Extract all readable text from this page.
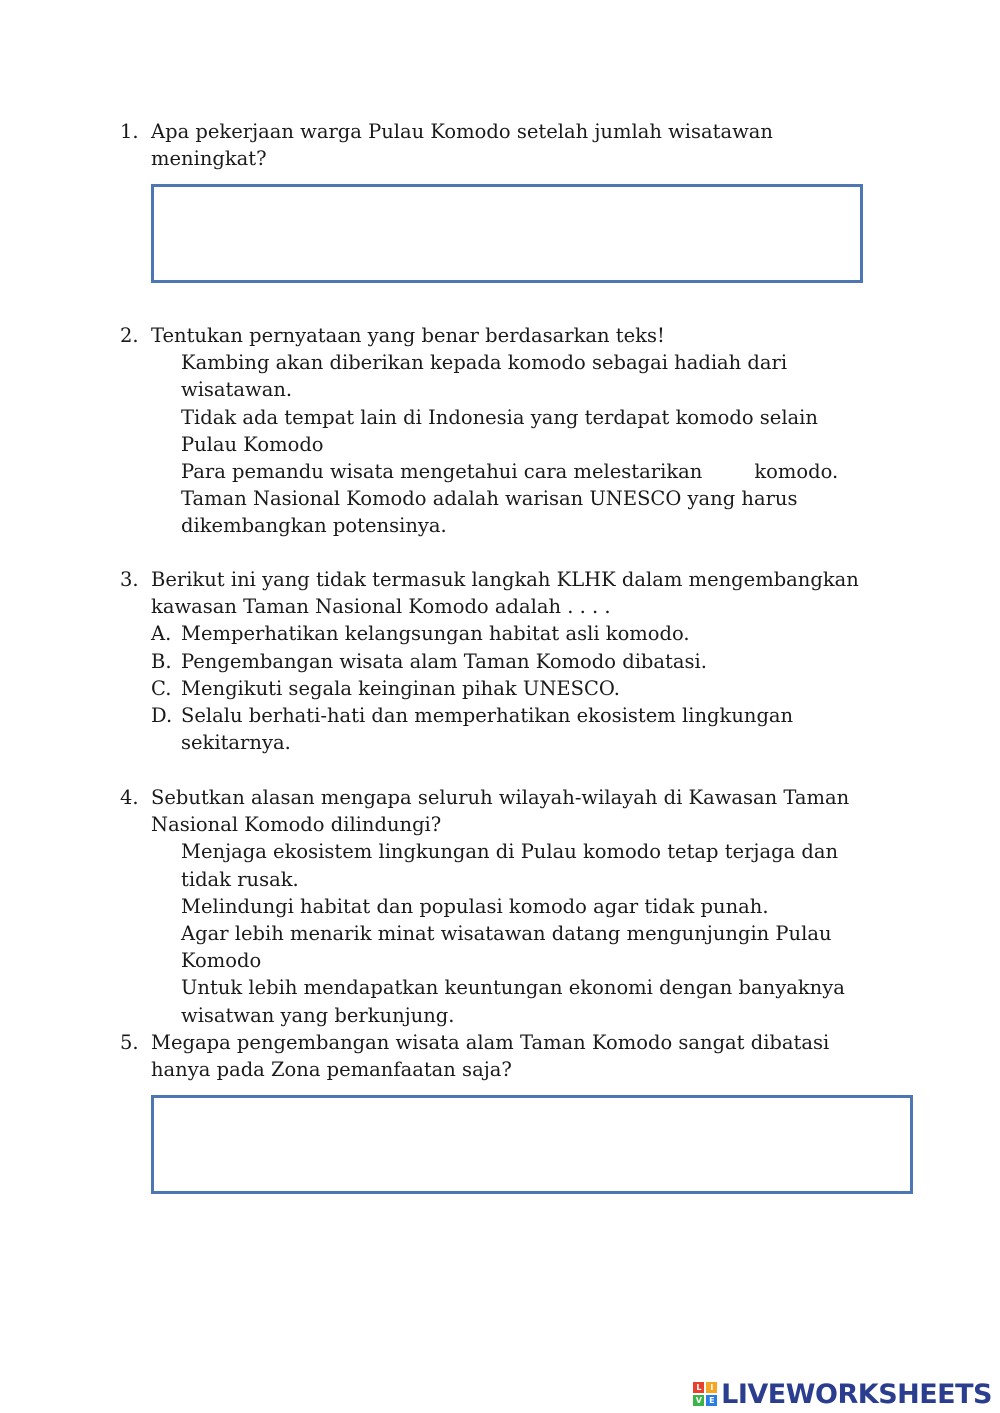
1. Apa pekerjaan warga Pulau Komodo setelah jumlah wisatawan
meningkat?
2. Tentukan pernyataan yang benar berdasarkan teks!
Kambing akan diberikan kepada komodo sebagai hadiah dari
wisatawan.
Tidak ada tempat lain di Indonesia yang terdapat komodo selain
Pulau Komodo
Para pemandu wisata mengetahui cara melestarikan	komodo.
Taman Nasional Komodo adalah warisan UNESCO yang harus
dikembangkan potensinya.
3. Berikut ini yang tidak termasuk langkah KLHK dalam mengembangkan
kawasan Taman Nasional Komodo adalah . . . .
A. Memperhatikan kelangsungan habitat asli komodo.
B. Pengembangan wisata alam Taman Komodo dibatasi.
C. Mengikuti segala keinginan pihak UNESCO.
D. Selalu berhati-hati dan memperhatikan ekosistem lingkungan
sekitarnya.
4. Sebutkan alasan mengapa seluruh wilayah-wilayah di Kawasan Taman
Nasional Komodo dilindungi?
Menjaga ekosistem lingkungan di Pulau komodo tetap terjaga dan
tidak rusak.
Melindungi habitat dan populasi komodo agar tidak punah.
Agar lebih menarik minat wisatawan datang mengunjungin Pulau
Komodo
Untuk lebih mendapatkan keuntungan ekonomi dengan banyaknya
wisatwan yang berkunjung.
5. Megapa pengembangan wisata alam Taman Komodo sangat dibatasi
hanya pada Zona pemanfaatan saja?
L	I
V E LIVEWORKSHEETS
